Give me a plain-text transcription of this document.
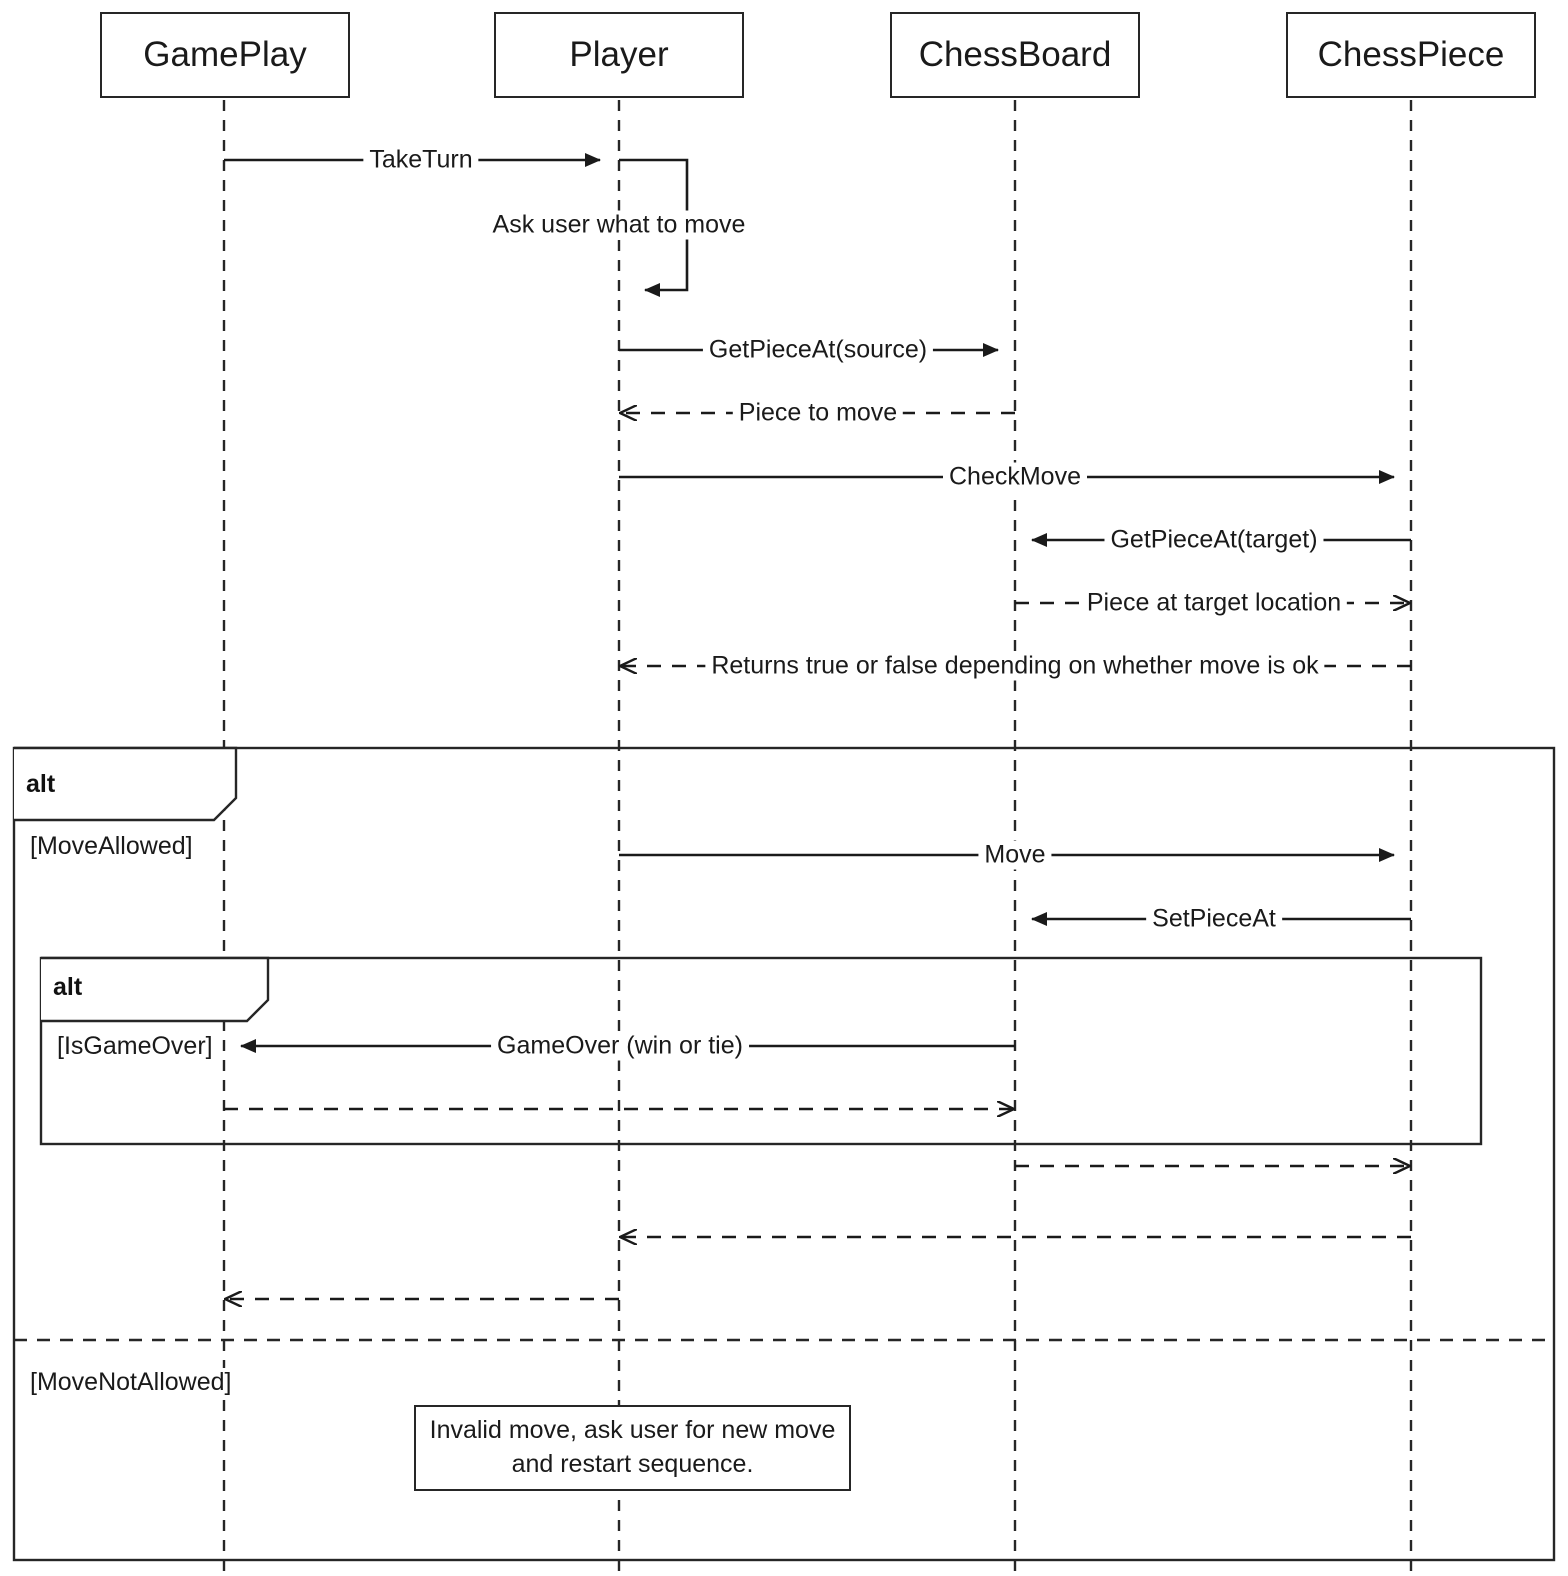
GamePlay	Player	ChessBoard	ChessPiece
TakeTurn
Ask user what to move
GetPieceAt(source)
Piece to move
CheckMove
GetPieceAt(target)
Piece at target location
Returns true or false depending on whether move is ok
Move
SetPieceAt
GameOver (win or tie)
alt
alt
[MoveAllowed]
[MoveNotAllowed]
[IsGameOver]
Invalid move, ask user for new move and restart sequence.
